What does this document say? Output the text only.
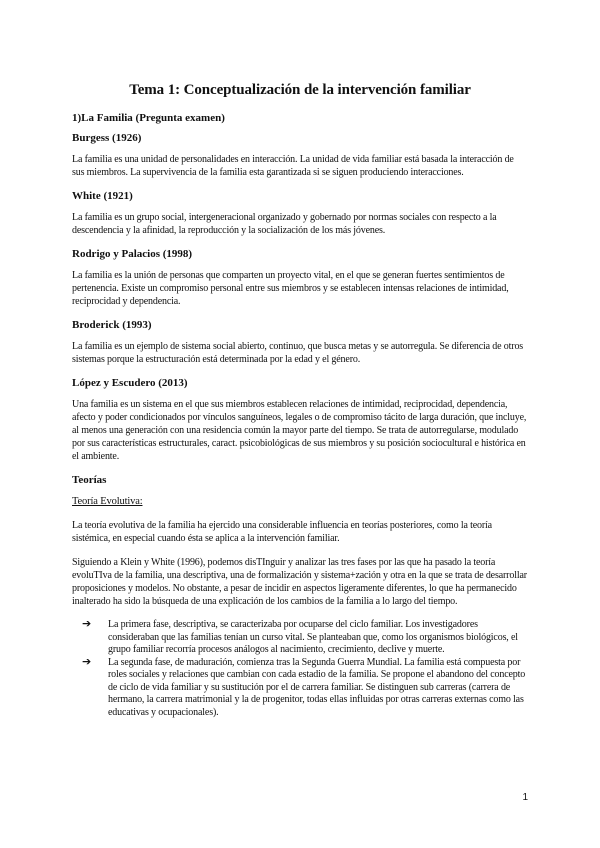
Tema 1: Conceptualización de la intervención familiar
1)La Familia (Pregunta examen)
Burgess (1926)

La familia es una unidad de personalidades en interacción. La unidad de vida familiar está basada la interacción de sus miembros. La supervivencia de la familia esta garantizada si se siguen produciendo interacciones.

White (1921)

La familia es un grupo social, intergeneracional organizado y gobernado por normas sociales con respecto a la descendencia y la afinidad, la reproducción y la socialización de los más jóvenes.

Rodrigo y Palacios (1998)

La familia es la unión de personas que comparten un proyecto vital, en el que se generan fuertes sentimientos de pertenencia. Existe un compromiso personal entre sus miembros y se establecen intensas relaciones de intimidad, reciprocidad y dependencia.

Broderick (1993)

La familia es un ejemplo de sistema social abierto, continuo, que busca metas y se autorregula. Se diferencia de otros sistemas porque la estructuración está determinada por la edad y el género.

López y Escudero (2013)

Una familia es un sistema en el que sus miembros establecen relaciones de intimidad, reciprocidad, dependencia, afecto y poder condicionados por vínculos sanguíneos, legales o de compromiso tácito de larga duración, que incluye, al menos una generación con una residencia común la mayor parte del tiempo. Se trata de autorregularse, modulado por sus características estructurales, caract. psicobiológicas de sus miembros y su posición sociocultural e histórica en el ambiente.

Teorías

Teoría Evolutiva:

La teoría evolutiva de la familia ha ejercido una considerable influencia en teorías posteriores, como la teoría sistémica, en especial cuando ésta se aplica a la intervención familiar.

Siguiendo a Klein y White (1996), podemos disTInguir y analizar las tres fases por las que ha pasado la teoría evoluTIva de la familia, una descriptiva, una de formalización y sistema+zación y otra en la que se trata de desarrollar proposiciones y modelos. No obstante, a pesar de incidir en aspectos ligeramente diferentes, lo que ha permanecido inalterado ha sido la búsqueda de una explicación de los cambios de la familia a lo largo del tiempo.

➔ La primera fase, descriptiva, se caracterizaba por ocuparse del ciclo familiar. Los investigadores consideraban que las familias tenían un curso vital. Se planteaban que, como los organismos biológicos, el grupo familiar recorría procesos análogos al nacimiento, crecimiento, declive y muerte.
➔ La segunda fase, de maduración, comienza tras la Segunda Guerra Mundial. La familia está compuesta por roles sociales y relaciones que cambian con cada estadio de la familia. Se propone el abandono del concepto de ciclo de vida familiar y su sustitución por el de carrera familiar. Se distinguen sub carreras (carrera de hermano, la carrera matrimonial y la de progenitor, todas ellas influidas por otras carreras externas como las educativas y ocupacionales).
1
